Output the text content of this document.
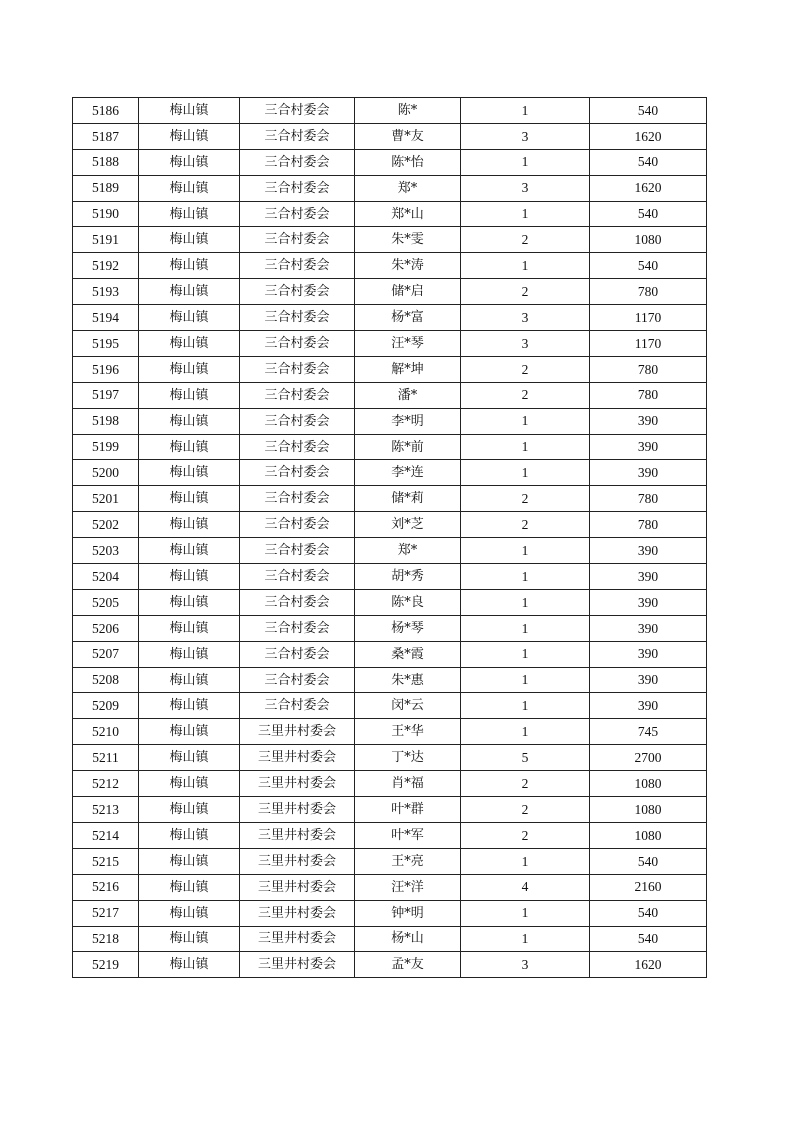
5186	梅山镇	三合村委会	陈*	1	540
5187	梅山镇	三合村委会	曹*友	3	1620
5188	梅山镇	三合村委会	陈*怡	1	540
5189	梅山镇	三合村委会	郑*	3	1620
5190	梅山镇	三合村委会	郑*山	1	540
5191	梅山镇	三合村委会	朱*雯	2	1080
5192	梅山镇	三合村委会	朱*涛	1	540
5193	梅山镇	三合村委会	储*启	2	780
5194	梅山镇	三合村委会	杨*富	3	1170
5195	梅山镇	三合村委会	汪*琴	3	1170
5196	梅山镇	三合村委会	解*坤	2	780
5197	梅山镇	三合村委会	潘*	2	780
5198	梅山镇	三合村委会	李*明	1	390
5199	梅山镇	三合村委会	陈*前	1	390
5200	梅山镇	三合村委会	李*连	1	390
5201	梅山镇	三合村委会	储*莉	2	780
5202	梅山镇	三合村委会	刘*芝	2	780
5203	梅山镇	三合村委会	郑*	1	390
5204	梅山镇	三合村委会	胡*秀	1	390
5205	梅山镇	三合村委会	陈*良	1	390
5206	梅山镇	三合村委会	杨*琴	1	390
5207	梅山镇	三合村委会	桑*霞	1	390
5208	梅山镇	三合村委会	朱*惠	1	390
5209	梅山镇	三合村委会	闵*云	1	390
5210	梅山镇	三里井村委会	王*华	1	745
5211	梅山镇	三里井村委会	丁*达	5	2700
5212	梅山镇	三里井村委会	肖*福	2	1080
5213	梅山镇	三里井村委会	叶*群	2	1080
5214	梅山镇	三里井村委会	叶*军	2	1080
5215	梅山镇	三里井村委会	王*亮	1	540
5216	梅山镇	三里井村委会	汪*洋	4	2160
5217	梅山镇	三里井村委会	钟*明	1	540
5218	梅山镇	三里井村委会	杨*山	1	540
5219	梅山镇	三里井村委会	孟*友	3	1620
